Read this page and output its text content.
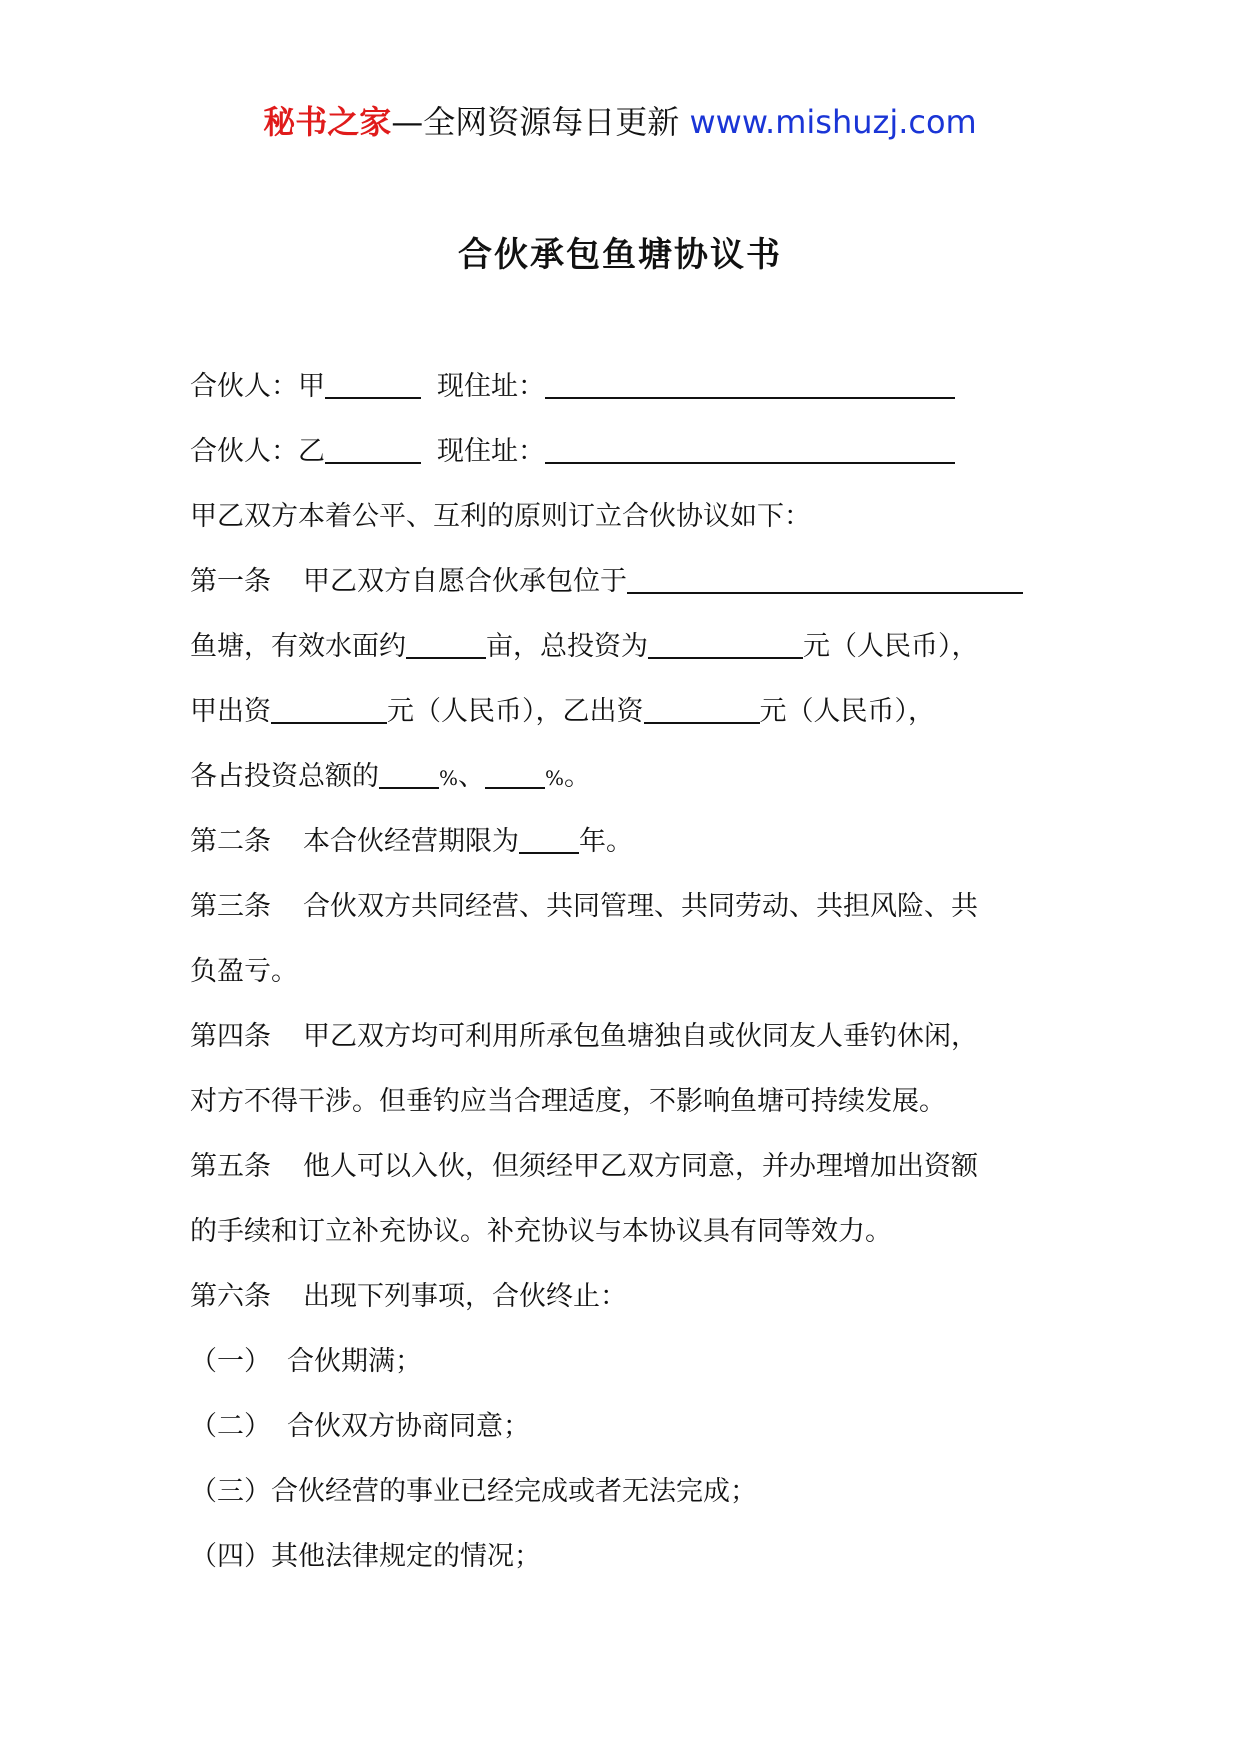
秘书之家—全网资源每日更新 www.mishuzj.com
合伙承包鱼塘协议书
合伙人：甲	现住址：
合伙人：乙	现住址：
甲乙双方本着公平、互利的原则订立合伙协议如下：
第一条 甲乙双方自愿合伙承包位于
鱼塘，有效水面约	亩，总投资为	元（人民币），
甲出资	元（人民币），乙出资	元（人民币），
各占投资总额的	%、	%。
第二条 本合伙经营期限为 年。
第三条 合伙双方共同经营、共同管理、共同劳动、共担风险、共
负盈亏。
第四条 甲乙双方均可利用所承包鱼塘独自或伙同友人垂钓休闲，
对方不得干涉。但垂钓应当合理适度，不影响鱼塘可持续发展。
第五条 他人可以入伙，但须经甲乙双方同意，并办理增加出资额
的手续和订立补充协议。补充协议与本协议具有同等效力。
第六条 出现下列事项，合伙终止：
（一） 合伙期满；
（二） 合伙双方协商同意；
（三）合伙经营的事业已经完成或者无法完成；
（四）其他法律规定的情况；
